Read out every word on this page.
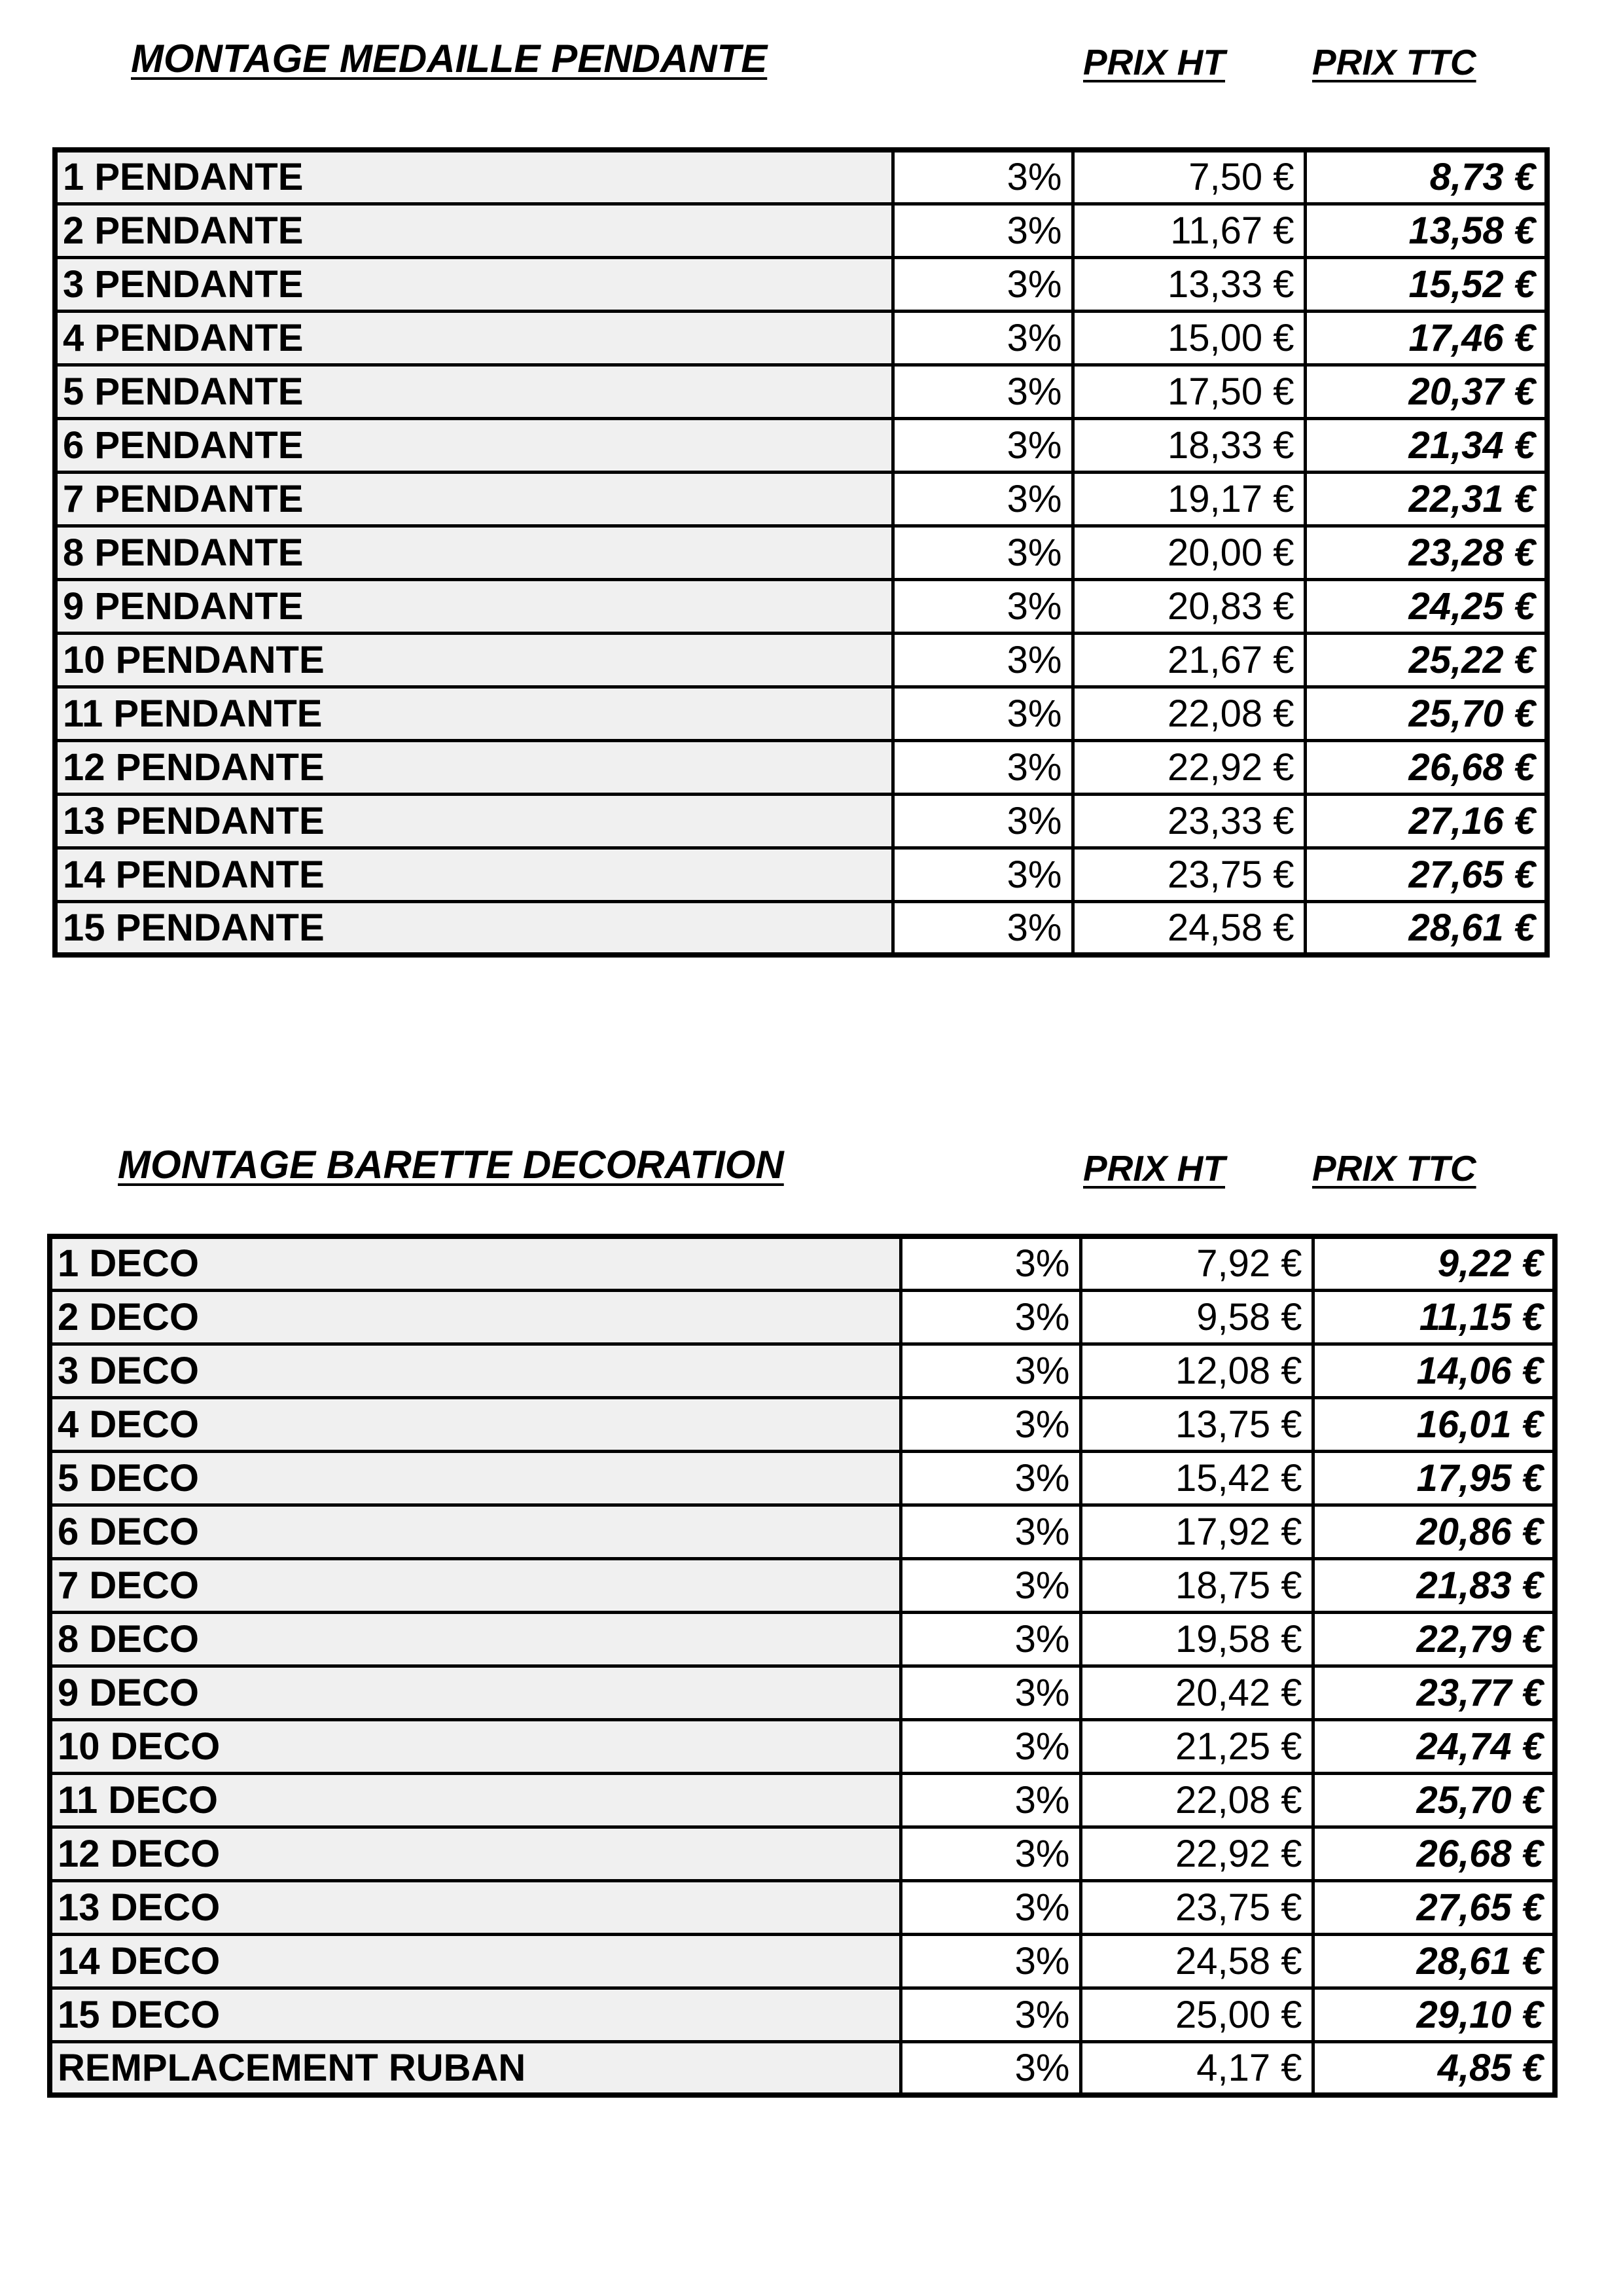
MONTAGE MEDAILLE PENDANTE	PRIX HT PRIX TTC
1 PENDANTE	3%	7,50 €	8,73 €
2 PENDANTE	3%	11,67 €	13,58 €
3 PENDANTE	3%	13,33 €	15,52 €
4 PENDANTE	3%	15,00 €	17,46 €
5 PENDANTE	3%	17,50 €	20,37 €
6 PENDANTE	3%	18,33 €	21,34 €
7 PENDANTE	3%	19,17 €	22,31 €
8 PENDANTE	3%	20,00 €	23,28 €
9 PENDANTE	3%	20,83 €	24,25 €
10 PENDANTE	3%	21,67 €	25,22 €
11 PENDANTE	3%	22,08 €	25,70 €
12 PENDANTE	3%	22,92 €	26,68 €
13 PENDANTE	3%	23,33 €	27,16 €
14 PENDANTE	3%	23,75 €	27,65 €
15 PENDANTE	3%	24,58 €	28,61 €
MONTAGE BARETTE DECORATION	PRIX HT PRIX TTC
1 DECO	3%	7,92 €	9,22 €
2 DECO	3%	9,58 €	11,15 €
3 DECO	3%	12,08 €	14,06 €
4 DECO	3%	13,75 €	16,01 €
5 DECO	3%	15,42 €	17,95 €
6 DECO	3%	17,92 €	20,86 €
7 DECO	3%	18,75 €	21,83 €
8 DECO	3%	19,58 €	22,79 €
9 DECO	3%	20,42 €	23,77 €
10 DECO	3%	21,25 €	24,74 €
11 DECO	3%	22,08 €	25,70 €
12 DECO	3%	22,92 €	26,68 €
13 DECO	3%	23,75 €	27,65 €
14 DECO	3%	24,58 €	28,61 €
15 DECO	3%	25,00 €	29,10 €
REMPLACEMENT RUBAN	3%	4,17 €	4,85 €
